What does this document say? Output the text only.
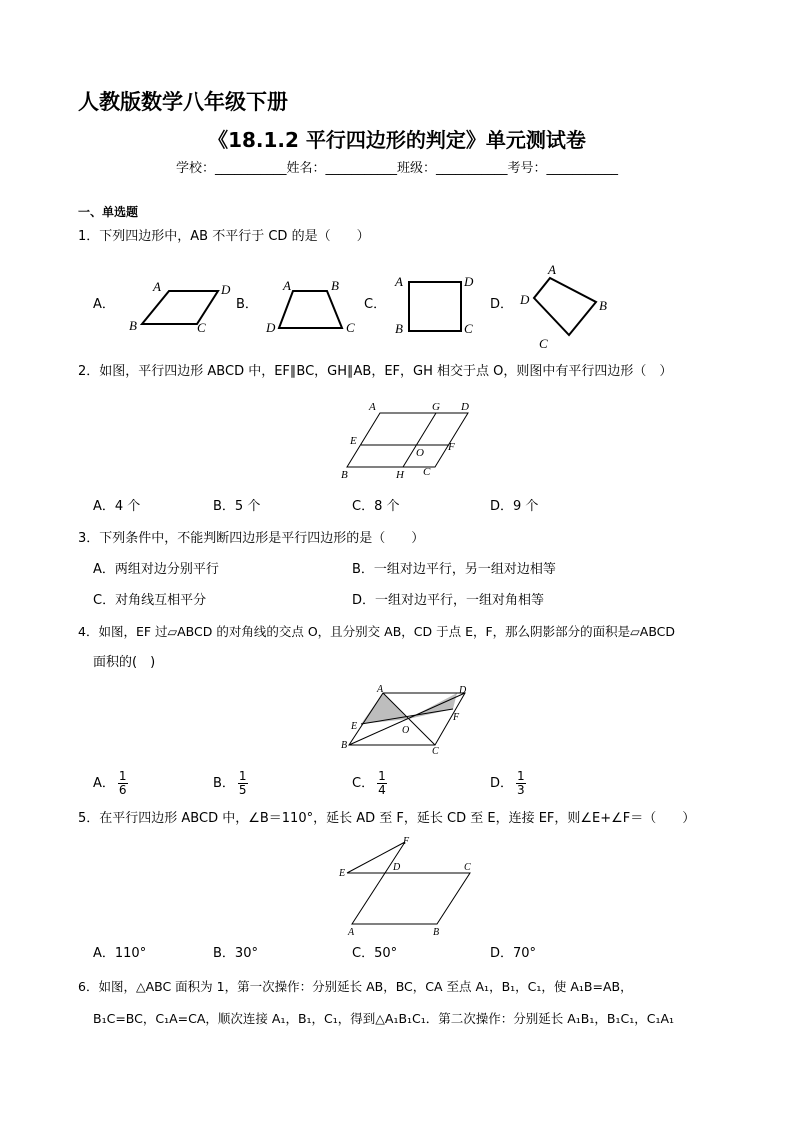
人教版数学八年级下册
《18.1.2 平行四边形的判定》单元测试卷
学校：___________姓名：___________班级：___________考号：___________
一、单选题
1．下列四边形中，AB 不平行于 CD 的是（　　）
A．	B．	C．	D．
A	D
B	C
A	B
D	C
A	D
B	C
A
B
C
D
2．如图，平行四边形 ABCD 中，EF∥BC，GH∥AB，EF，GH 相交于点 O，则图中有平行四边形（　）
A	G D
E
O F
B	H C
A．4 个	B．5 个	C．8 个	D．9 个
3．下列条件中，不能判断四边形是平行四边形的是（　　）
A．两组对边分别平行	B．一组对边平行，另一组对边相等
C．对角线互相平分	D．一组对边平行，一组对角相等
4．如图，EF 过▱ABCD 的对角线的交点 O，且分别交 AB，CD 于点 E，F，那么阴影部分的面积是▱ABCD
面积的(　)
A	D
E
F
O
B
C
A． $\frac{1}{6}$	B． $\frac{1}{5}$	C． $\frac{1}{4}$	D． $\frac{1}{3}$
5．在平行四边形 ABCD 中，∠B＝110°，延长 AD 至 F，延长 CD 至 E，连接 EF，则∠E+∠F＝（　　）
F
E
D	C
A	B
A．110°	B．30°	C．50°	D．70°
6．如图，△ABC 面积为 1，第一次操作：分别延长 AB，BC，CA 至点 A₁，B₁，C₁，使 A₁B=AB，
B₁C=BC，C₁A=CA，顺次连接 A₁，B₁，C₁，得到△A₁B₁C₁．第二次操作：分别延长 A₁B₁，B₁C₁，C₁A₁
